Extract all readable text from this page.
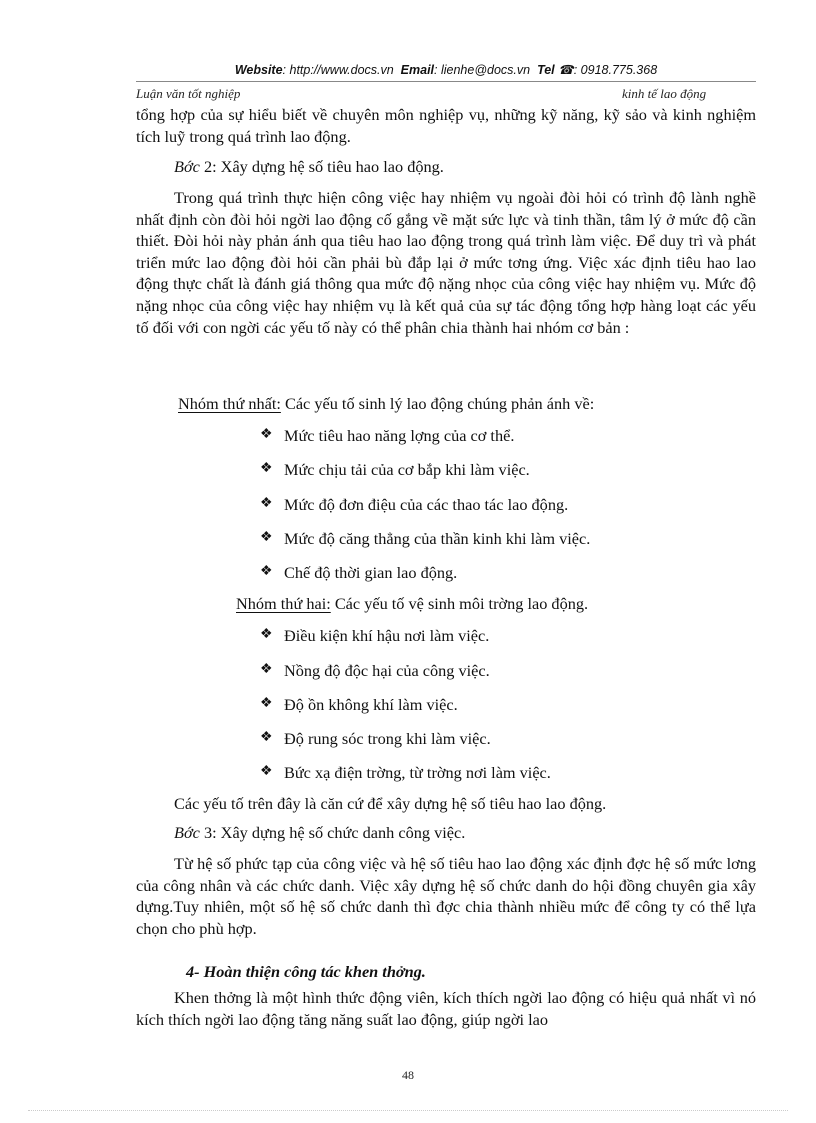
Website: http://www.docs.vn Email: lienhe@docs.vn Tel ☎: 0918.775.368
Luận văn tốt nghiệp	kinh tế lao động

tổng hợp của sự hiểu biết về chuyên môn nghiệp vụ, những kỹ năng, kỹ sảo và kinh nghiệm tích luỹ trong quá trình lao động.

Bớc 2: Xây dựng hệ số tiêu hao lao động.

Trong quá trình thực hiện công việc hay nhiệm vụ ngoài đòi hỏi có trình độ lành nghề nhất định còn đòi hỏi ngời lao động cố gắng về mặt sức lực và tinh thần, tâm lý ở mức độ cần thiết. Đòi hỏi này phản ánh qua tiêu hao lao động trong quá trình làm việc. Để duy trì và phát triển mức lao động đòi hỏi cần phải bù đắp lại ở mức tơng ứng. Việc xác định tiêu hao lao động thực chất là đánh giá thông qua mức độ nặng nhọc của công việc hay nhiệm vụ. Mức độ nặng nhọc của công việc hay nhiệm vụ là kết quả của sự tác động tổng hợp hàng loạt các yếu tố đối với con ngời các yếu tố này có thể phân chia thành hai nhóm cơ bản :

Nhóm thứ nhất: Các yếu tố sinh lý lao động chúng phản ánh về:
❖ Mức tiêu hao năng lợng của cơ thể.
❖ Mức chịu tải của cơ bắp khi làm việc.
❖ Mức độ đơn điệu của các thao tác lao động.
❖ Mức độ căng thẳng của thần kinh khi làm việc.
❖ Chế độ thời gian lao động.
Nhóm thứ hai: Các yếu tố vệ sinh môi trờng lao động.
❖ Điều kiện khí hậu nơi làm việc.
❖ Nồng độ độc hại của công việc.
❖ Độ ồn không khí làm việc.
❖ Độ rung sóc trong khi làm việc.
❖ Bức xạ điện trờng, từ trờng nơi làm việc.
Các yếu tố trên đây là căn cứ để xây dựng hệ số tiêu hao lao động.
Bớc 3: Xây dựng hệ số chức danh công việc.

Từ hệ số phức tạp của công việc và hệ số tiêu hao lao động xác định đợc hệ số mức lơng của công nhân và các chức danh. Việc xây dựng hệ số chức danh do hội đồng chuyên gia xây dựng.Tuy nhiên, một số hệ số chức danh thì đợc chia thành nhiều mức để công ty có thể lựa chọn cho phù hợp.

4- Hoàn thiện công tác khen thởng.

Khen thởng là một hình thức động viên, kích thích ngời lao động có hiệu quả nhất vì nó kích thích ngời lao động tăng năng suất lao động, giúp ngời lao

48
